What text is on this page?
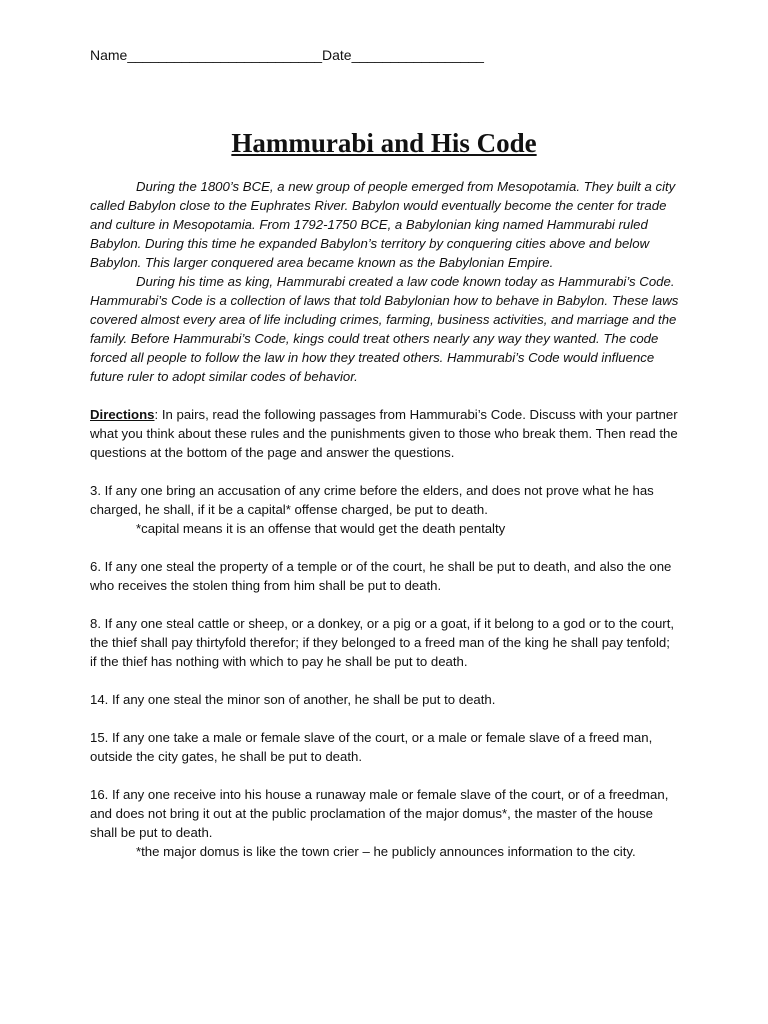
Name_________________________Date_________________
Hammurabi and His Code

During the 1800’s BCE, a new group of people emerged from Mesopotamia. They built a city called Babylon close to the Euphrates River. Babylon would eventually become the center for trade and culture in Mesopotamia. From 1792-1750 BCE, a Babylonian king named Hammurabi ruled Babylon. During this time he expanded Babylon’s territory by conquering cities above and below Babylon. This larger conquered area became known as the Babylonian Empire.

During his time as king, Hammurabi created a law code known today as Hammurabi’s Code. Hammurabi’s Code is a collection of laws that told Babylonian how to behave in Babylon. These laws covered almost every area of life including crimes, farming, business activities, and marriage and the family. Before Hammurabi’s Code, kings could treat others nearly any way they wanted. The code forced all people to follow the law in how they treated others. Hammurabi’s Code would influence future ruler to adopt similar codes of behavior.

Directions: In pairs, read the following passages from Hammurabi’s Code. Discuss with your partner what you think about these rules and the punishments given to those who break them. Then read the questions at the bottom of the page and answer the questions.

3. If any one bring an accusation of any crime before the elders, and does not prove what he has charged, he shall, if it be a capital* offense charged, be put to death.

*capital means it is an offense that would get the death pentalty

6. If any one steal the property of a temple or of the court, he shall be put to death, and also the one who receives the stolen thing from him shall be put to death.

8. If any one steal cattle or sheep, or a donkey, or a pig or a goat, if it belong to a god or to the court, the thief shall pay thirtyfold therefor; if they belonged to a freed man of the king he shall pay tenfold; if the thief has nothing with which to pay he shall be put to death.

14. If any one steal the minor son of another, he shall be put to death.

15. If any one take a male or female slave of the court, or a male or female slave of a freed man, outside the city gates, he shall be put to death.

16. If any one receive into his house a runaway male or female slave of the court, or of a freedman, and does not bring it out at the public proclamation of the major domus*, the master of the house shall be put to death.

*the major domus is like the town crier – he publicly announces information to the city.
